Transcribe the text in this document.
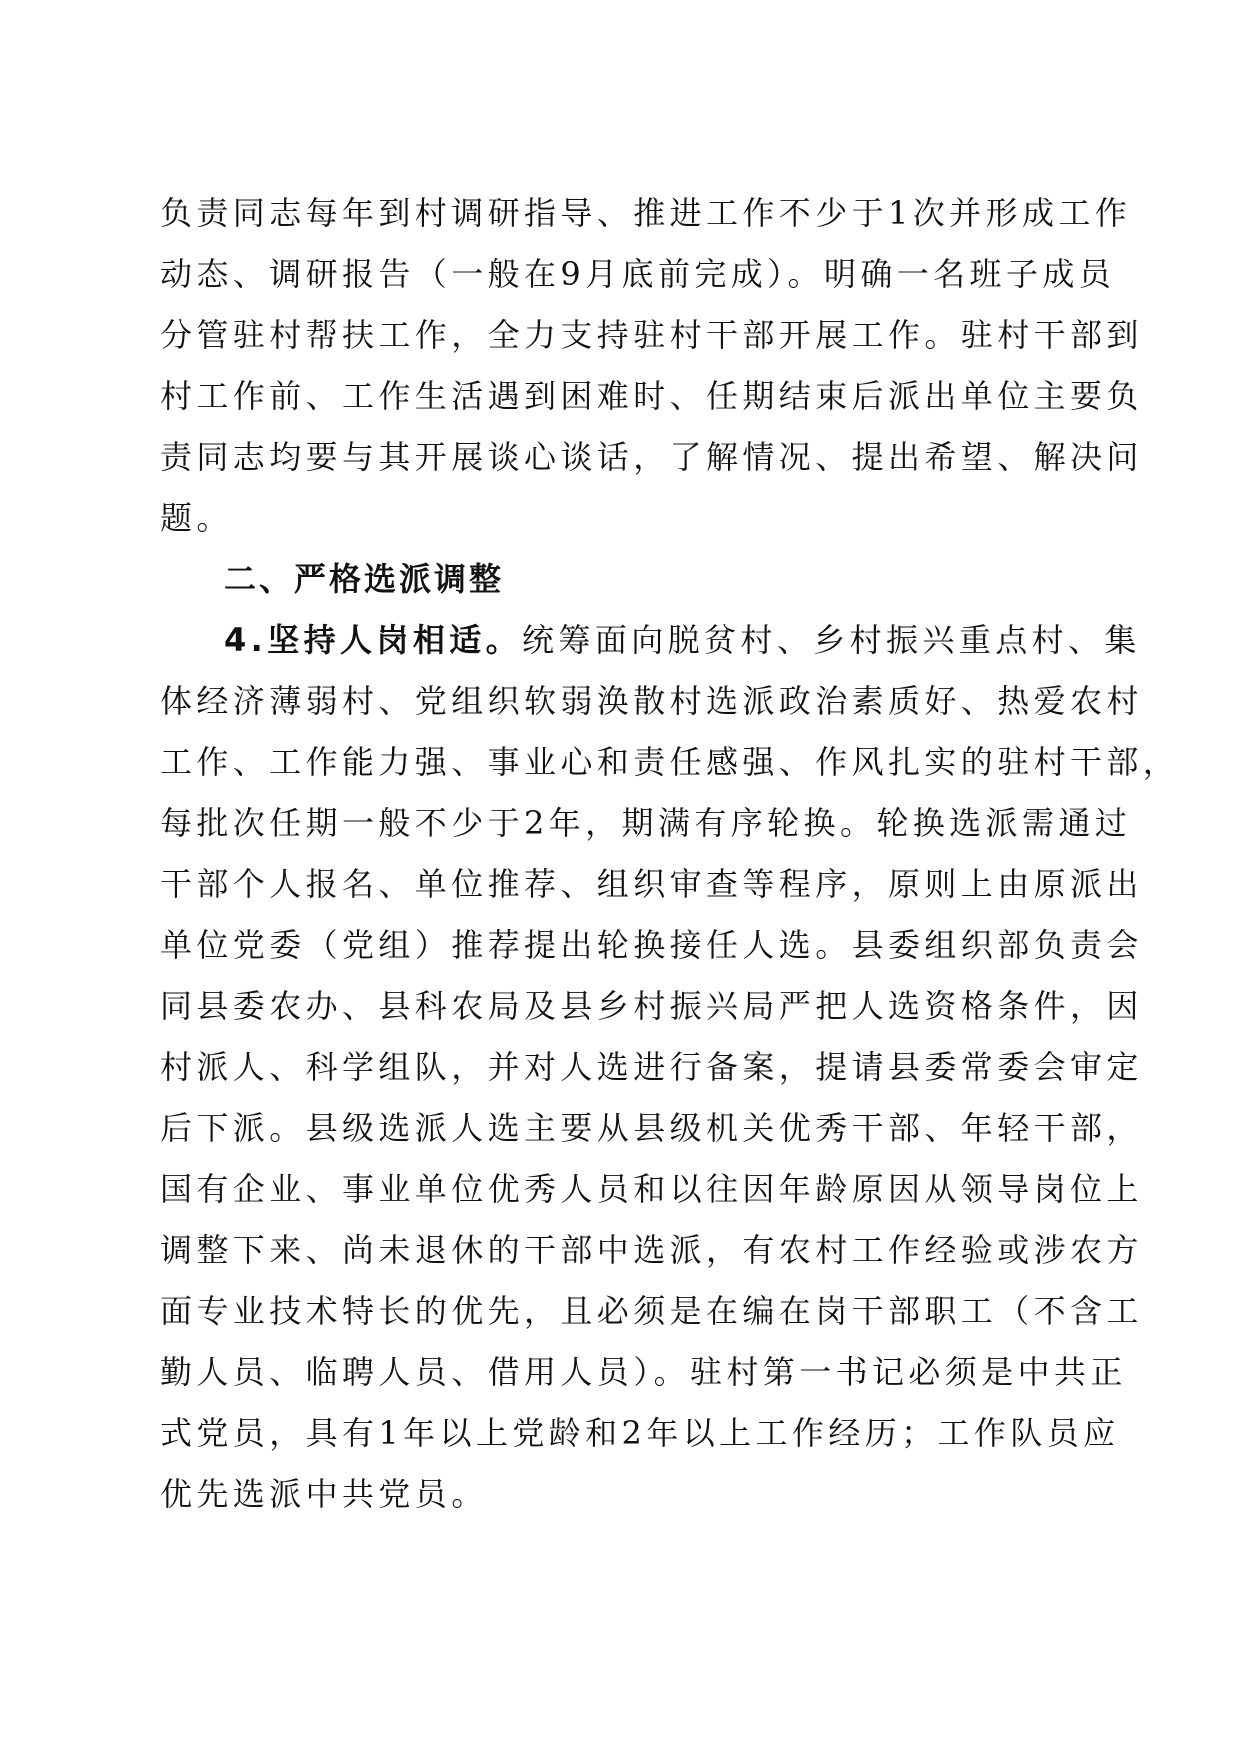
负责同志每年到村调研指导、推进工作不少于1次并形成工作
动态、调研报告（一般在9月底前完成）。明确一名班子成员
分管驻村帮扶工作，全力支持驻村干部开展工作。驻村干部到
村工作前、工作生活遇到困难时、任期结束后派出单位主要负
责同志均要与其开展谈心谈话，了解情况、提出希望、解决问
题。
二、严格选派调整
4.坚持人岗相适。统筹面向脱贫村、乡村振兴重点村、集
体经济薄弱村、党组织软弱涣散村选派政治素质好、热爱农村
工作、工作能力强、事业心和责任感强、作风扎实的驻村干部，
每批次任期一般不少于2年，期满有序轮换。轮换选派需通过
干部个人报名、单位推荐、组织审查等程序，原则上由原派出
单位党委（党组）推荐提出轮换接任人选。县委组织部负责会
同县委农办、县科农局及县乡村振兴局严把人选资格条件，因
村派人、科学组队，并对人选进行备案，提请县委常委会审定
后下派。县级选派人选主要从县级机关优秀干部、年轻干部，
国有企业、事业单位优秀人员和以往因年龄原因从领导岗位上
调整下来、尚未退休的干部中选派，有农村工作经验或涉农方
面专业技术特长的优先，且必须是在编在岗干部职工（不含工
勤人员、临聘人员、借用人员）。驻村第一书记必须是中共正
式党员，具有1年以上党龄和2年以上工作经历；工作队员应
优先选派中共党员。
